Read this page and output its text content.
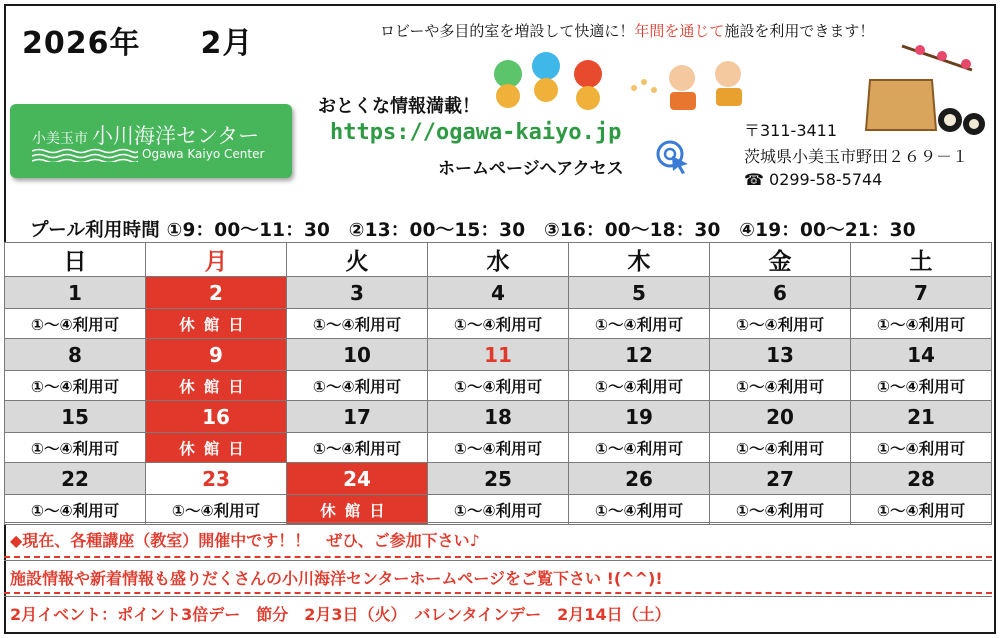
2026年 2月	ロビーや多目的室を増設して快適に！年間を通じて施設を利用できます！
小美玉市 小川海洋センター
Ogawa Kaiyo Center
おとくな情報満載！
https://ogawa-kaiyo.jp
ホームページへアクセス
〒311-3411
茨城県小美玉市野田２６９－１
☎ 0299-58-5744
プール利用時間 ①9：00〜11：30　②13：00〜15：30　③16：00〜18：30　④19：00〜21：30
日	月	火	水	木	金	土
1	2	3	4	5	6	7
①〜④利用可	休館日	①〜④利用可	①〜④利用可	①〜④利用可	①〜④利用可	①〜④利用可
8	9	10	11	12	13	14
①〜④利用可	休館日	①〜④利用可	①〜④利用可	①〜④利用可	①〜④利用可	①〜④利用可
15	16	17	18	19	20	21
①〜④利用可	休館日	①〜④利用可	①〜④利用可	①〜④利用可	①〜④利用可	①〜④利用可
22	23	24	25	26	27	28
①〜④利用可	①〜④利用可	休館日	①〜④利用可	①〜④利用可	①〜④利用可	①〜④利用可
◆現在、各種講座（教室）開催中です！！　ぜひ、ご参加下さい♪
施設情報や新着情報も盛りだくさんの小川海洋センターホームページをご覧下さい !(^^)!
2月イベント：ポイント3倍デー　節分　2月3日（火）　バレンタインデー　2月14日（土）
